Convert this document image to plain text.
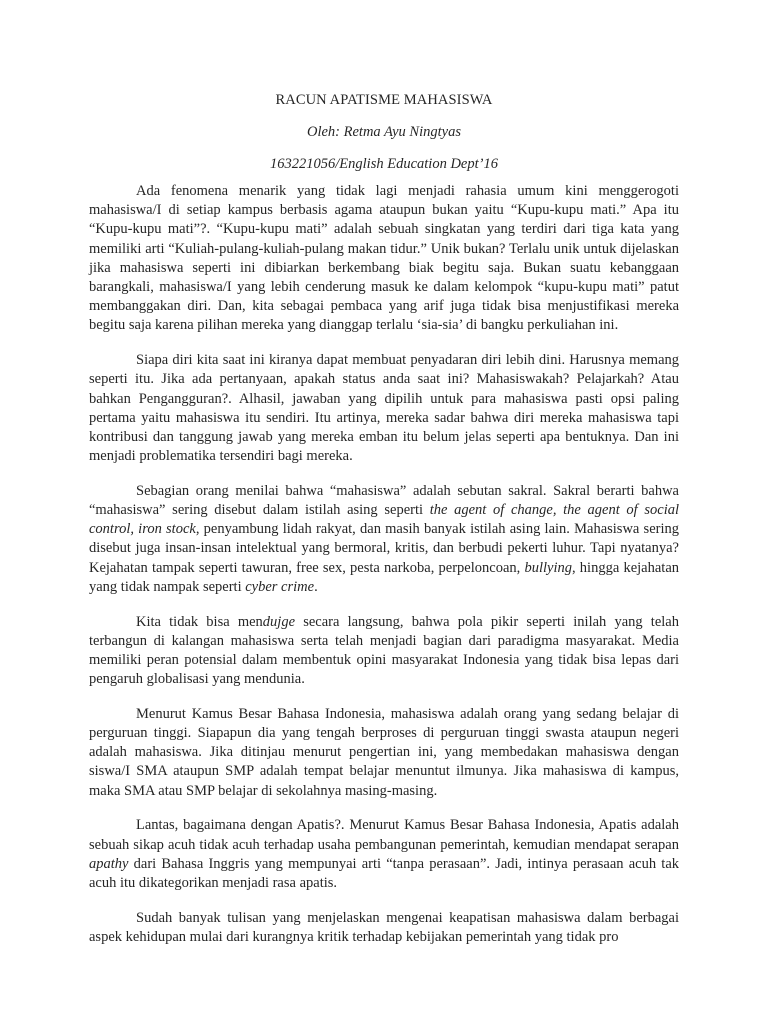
RACUN APATISME MAHASISWA
Oleh: Retma Ayu Ningtyas
163221056/English Education Dept’16

Ada fenomena menarik yang tidak lagi menjadi rahasia umum kini menggerogoti mahasiswa/I di setiap kampus berbasis agama ataupun bukan yaitu “Kupu-kupu mati.” Apa itu “Kupu-kupu mati”?. “Kupu-kupu mati” adalah sebuah singkatan yang terdiri dari tiga kata yang memiliki arti “Kuliah-pulang-kuliah-pulang makan tidur.” Unik bukan? Terlalu unik untuk dijelaskan jika mahasiswa seperti ini dibiarkan berkembang biak begitu saja. Bukan suatu kebanggaan barangkali, mahasiswa/I yang lebih cenderung masuk ke dalam kelompok “kupu-kupu mati” patut membanggakan diri. Dan, kita sebagai pembaca yang arif juga tidak bisa menjustifikasi mereka begitu saja karena pilihan mereka yang dianggap terlalu ‘sia-sia’ di bangku perkuliahan ini.

Siapa diri kita saat ini kiranya dapat membuat penyadaran diri lebih dini. Harusnya memang seperti itu. Jika ada pertanyaan, apakah status anda saat ini? Mahasiswakah? Pelajarkah? Atau bahkan Pengangguran?. Alhasil, jawaban yang dipilih untuk para mahasiswa pasti opsi paling pertama yaitu mahasiswa itu sendiri. Itu artinya, mereka sadar bahwa diri mereka mahasiswa tapi kontribusi dan tanggung jawab yang mereka emban itu belum jelas seperti apa bentuknya. Dan ini menjadi problematika tersendiri bagi mereka.

Sebagian orang menilai bahwa “mahasiswa” adalah sebutan sakral. Sakral berarti bahwa “mahasiswa” sering disebut dalam istilah asing seperti the agent of change, the agent of social control, iron stock, penyambung lidah rakyat, dan masih banyak istilah asing lain. Mahasiswa sering disebut juga insan-insan intelektual yang bermoral, kritis, dan berbudi pekerti luhur. Tapi nyatanya? Kejahatan tampak seperti tawuran, free sex, pesta narkoba, perpeloncoan, bullying, hingga kejahatan yang tidak nampak seperti cyber crime.

Kita tidak bisa mendujge secara langsung, bahwa pola pikir seperti inilah yang telah terbangun di kalangan mahasiswa serta telah menjadi bagian dari paradigma masyarakat. Media memiliki peran potensial dalam membentuk opini masyarakat Indonesia yang tidak bisa lepas dari pengaruh globalisasi yang mendunia.

Menurut Kamus Besar Bahasa Indonesia, mahasiswa adalah orang yang sedang belajar di perguruan tinggi. Siapapun dia yang tengah berproses di perguruan tinggi swasta ataupun negeri adalah mahasiswa. Jika ditinjau menurut pengertian ini, yang membedakan mahasiswa dengan siswa/I SMA ataupun SMP adalah tempat belajar menuntut ilmunya. Jika mahasiswa di kampus, maka SMA atau SMP belajar di sekolahnya masing-masing.

Lantas, bagaimana dengan Apatis?. Menurut Kamus Besar Bahasa Indonesia, Apatis adalah sebuah sikap acuh tidak acuh terhadap usaha pembangunan pemerintah, kemudian mendapat serapan apathy dari Bahasa Inggris yang mempunyai arti “tanpa perasaan”. Jadi, intinya perasaan acuh tak acuh itu dikategorikan menjadi rasa apatis.

Sudah banyak tulisan yang menjelaskan mengenai keapatisan mahasiswa dalam berbagai aspek kehidupan mulai dari kurangnya kritik terhadap kebijakan pemerintah yang tidak pro
